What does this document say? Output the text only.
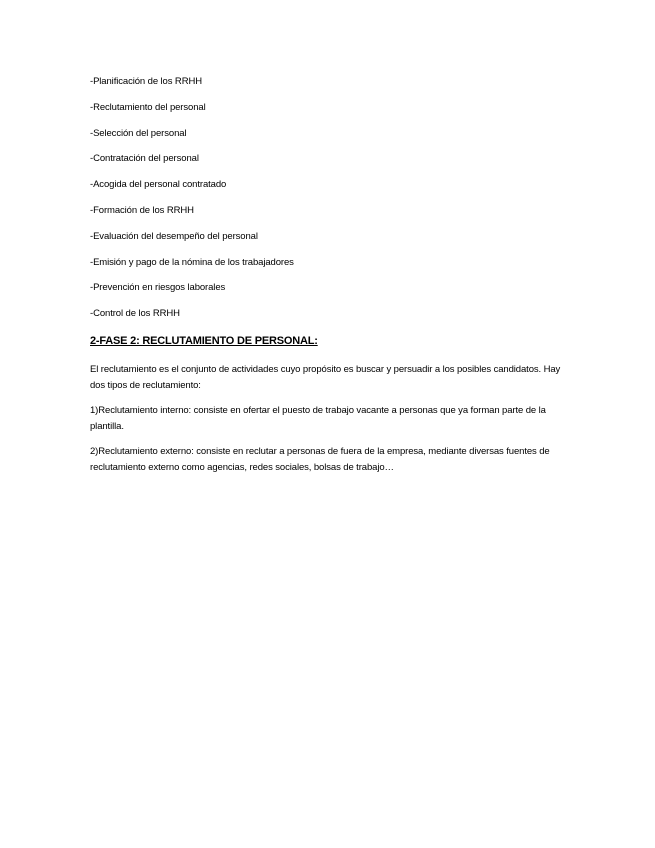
-Planificación de los RRHH
-Reclutamiento del personal
-Selección del personal
-Contratación del personal
-Acogida del personal contratado
-Formación de los RRHH
-Evaluación del desempeño del personal
-Emisión y pago de la nómina de los trabajadores
-Prevención en riesgos laborales
-Control de los RRHH
2-FASE 2: RECLUTAMIENTO DE PERSONAL:

El reclutamiento es el conjunto de actividades cuyo propósito es buscar y persuadir a los posibles candidatos. Hay dos tipos de reclutamiento:

1)Reclutamiento interno: consiste en ofertar el puesto de trabajo vacante a personas que ya forman parte de la plantilla.

2)Reclutamiento externo: consiste en reclutar a personas de fuera de la empresa, mediante diversas fuentes de reclutamiento externo como agencias, redes sociales, bolsas de trabajo…
